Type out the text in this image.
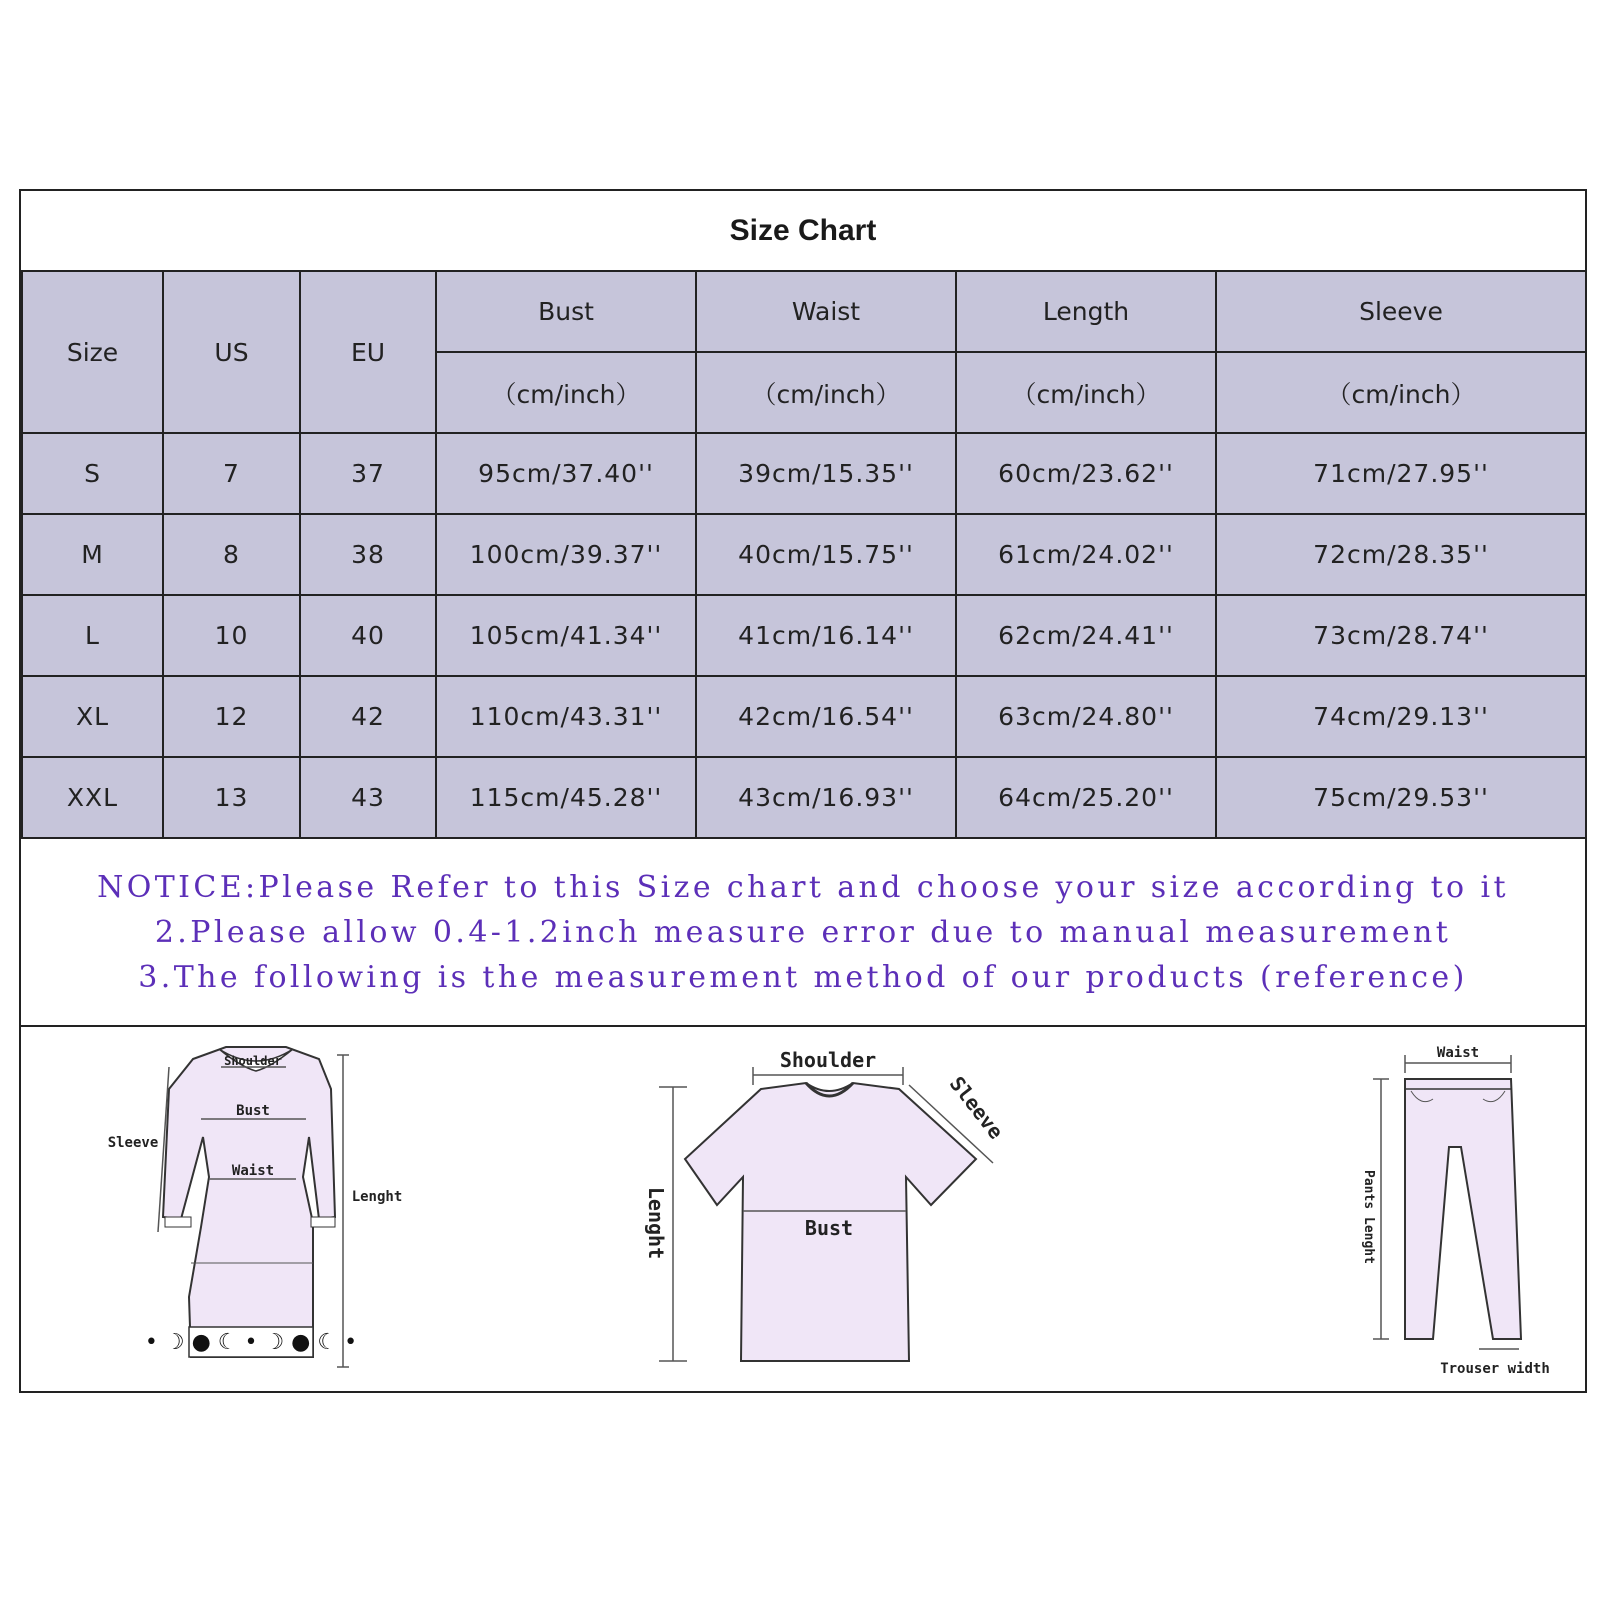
Size Chart
Size	US	EU	Bust	Waist	Length	Sleeve
			（cm/inch）	（cm/inch）	（cm/inch）	（cm/inch）
S	7	37	95cm/37.40''	39cm/15.35''	60cm/23.62''	71cm/27.95''
M	8	38	100cm/39.37''	40cm/15.75''	61cm/24.02''	72cm/28.35''
L	10	40	105cm/41.34''	41cm/16.14''	62cm/24.41''	73cm/28.74''
XL	12	42	110cm/43.31''	42cm/16.54''	63cm/24.80''	74cm/29.13''
XXL	13	43	115cm/45.28''	43cm/16.93''	64cm/25.20''	75cm/29.53''
NOTICE:Please Refer to this Size chart and choose your size according to it
2.Please allow 0.4-1.2inch measure error due to manual measurement
3.The following is the measurement method of our products (reference)
• ☽ ● ☾ • ☽ ● ☾ •
Shoulder
Bust
Waist
Sleeve
Lenght
Shoulder
Sleeve
Bust
Lenght
Waist
Pants Lenght
Trouser width
